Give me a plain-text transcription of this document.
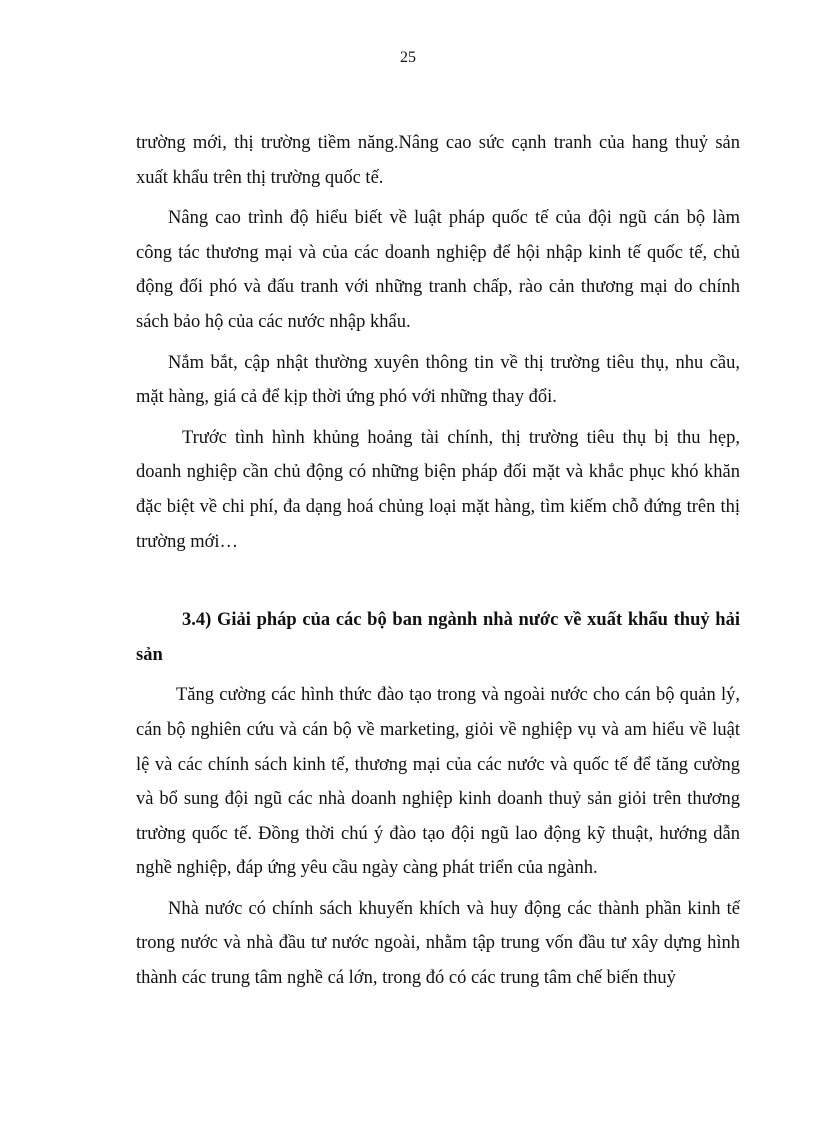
25

trường mới, thị trường tiềm năng.Nâng cao sức cạnh tranh của hang thuỷ sản xuất khẩu trên thị trường quốc tế.

Nâng cao trình độ hiểu biết về luật pháp quốc tế của đội ngũ cán bộ làm công tác thương mại và của các doanh nghiệp để hội nhập kinh tế quốc tế, chủ động đối phó và đấu tranh với những tranh chấp, rào cản thương mại do chính sách bảo hộ của các nước nhập khẩu.

Nắm bắt, cập nhật thường xuyên thông tin về thị trường tiêu thụ, nhu cầu, mặt hàng, giá cả để kịp thời ứng phó với những thay đổi.

Trước tình hình khủng hoảng tài chính, thị trường tiêu thụ bị thu hẹp, doanh nghiệp cần chủ động có những biện pháp đối mặt và khắc phục khó khăn đặc biệt về chi phí, đa dạng hoá chủng loại mặt hàng, tìm kiếm chỗ đứng trên thị trường mới…

3.4) Giải pháp của các bộ ban ngành nhà nước về xuất khẩu thuỷ hải sản

Tăng cường các hình thức đào tạo trong và ngoài nước cho cán bộ quản lý, cán bộ nghiên cứu và cán bộ về marketing, giỏi về nghiệp vụ và am hiểu về luật lệ và các chính sách kinh tế, thương mại của các nước và quốc tế để tăng cường và bổ sung đội ngũ các nhà doanh nghiệp kinh doanh thuỷ sản giỏi trên thương trường quốc tế. Đồng thời chú ý đào tạo đội ngũ lao động kỹ thuật, hướng dẫn nghề nghiệp, đáp ứng yêu cầu ngày càng phát triển của ngành.

Nhà nước có chính sách khuyến khích và huy động các thành phần kinh tế trong nước và nhà đầu tư nước ngoài, nhằm tập trung vốn đầu tư xây dựng hình thành các trung tâm nghề cá lớn, trong đó có các trung tâm chế biến thuỷ
